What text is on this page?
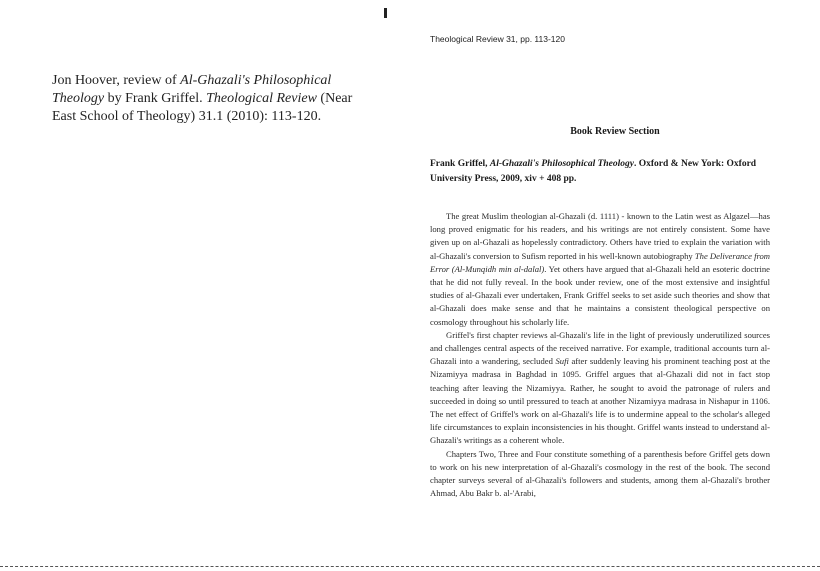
Jon Hoover, review of Al-Ghazali's Philosophical Theology by Frank Griffel. Theological Review (Near East School of Theology) 31.1 (2010): 113-120.
Theological Review 31, pp. 113-120
Book Review Section
Frank Griffel, Al-Ghazali's Philosophical Theology. Oxford & New York: Oxford University Press, 2009, xiv + 408 pp.

The great Muslim theologian al-Ghazali (d. 1111) - known to the Latin west as Algazel—has long proved enigmatic for his readers, and his writings are not entirely consistent. Some have given up on al-Ghazali as hopelessly contradictory. Others have tried to explain the variation with al-Ghazali's conversion to Sufism reported in his well-known autobiography The Deliverance from Error (Al-Munqidh min al-dalal). Yet others have argued that al-Ghazali held an esoteric doctrine that he did not fully reveal. In the book under review, one of the most extensive and insightful studies of al-Ghazali ever undertaken, Frank Griffel seeks to set aside such theories and show that al-Ghazali does make sense and that he maintains a consistent theological perspective on cosmology throughout his scholarly life.

Griffel's first chapter reviews al-Ghazali's life in the light of previously underutilized sources and challenges central aspects of the received narrative. For example, traditional accounts turn al-Ghazali into a wandering, secluded Sufi after suddenly leaving his prominent teaching post at the Nizamiyya madrasa in Baghdad in 1095. Griffel argues that al-Ghazali did not in fact stop teaching after leaving the Nizamiyya. Rather, he sought to avoid the patronage of rulers and succeeded in doing so until pressured to teach at another Nizamiyya madrasa in Nishapur in 1106. The net effect of Griffel's work on al-Ghazali's life is to undermine appeal to the scholar's alleged life circumstances to explain inconsistencies in his thought. Griffel wants instead to understand al-Ghazali's writings as a coherent whole.

Chapters Two, Three and Four constitute something of a parenthesis before Griffel gets down to work on his new interpretation of al-Ghazali's cosmology in the rest of the book. The second chapter surveys several of al-Ghazali's followers and students, among them al-Ghazali's brother Ahmad, Abu Bakr b. al-'Arabi,
